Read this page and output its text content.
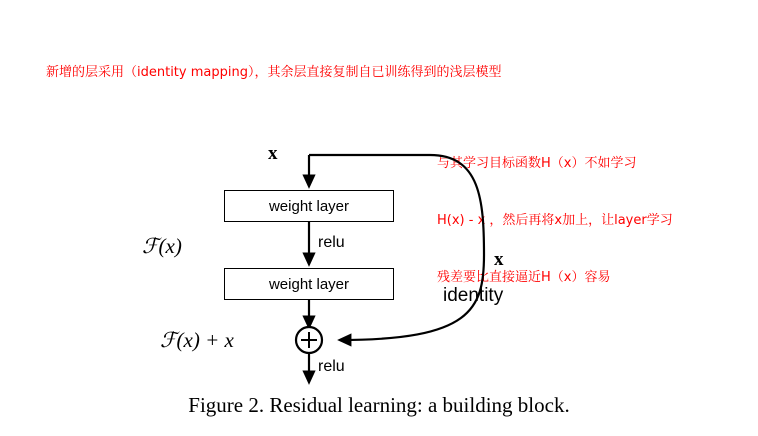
新增的层采用（identity mapping），其余层直接复制自已训练得到的浅层模型

与其学习目标函数H（x）不如学习

H(x) - x ，然后再将x加上，让layer学习

残差要比直接逼近H（x）容易

weight layer
weight layer
x
relu
relu
ℱ(x)
ℱ(x) + x
x
identity
Figure 2. Residual learning: a building block.
